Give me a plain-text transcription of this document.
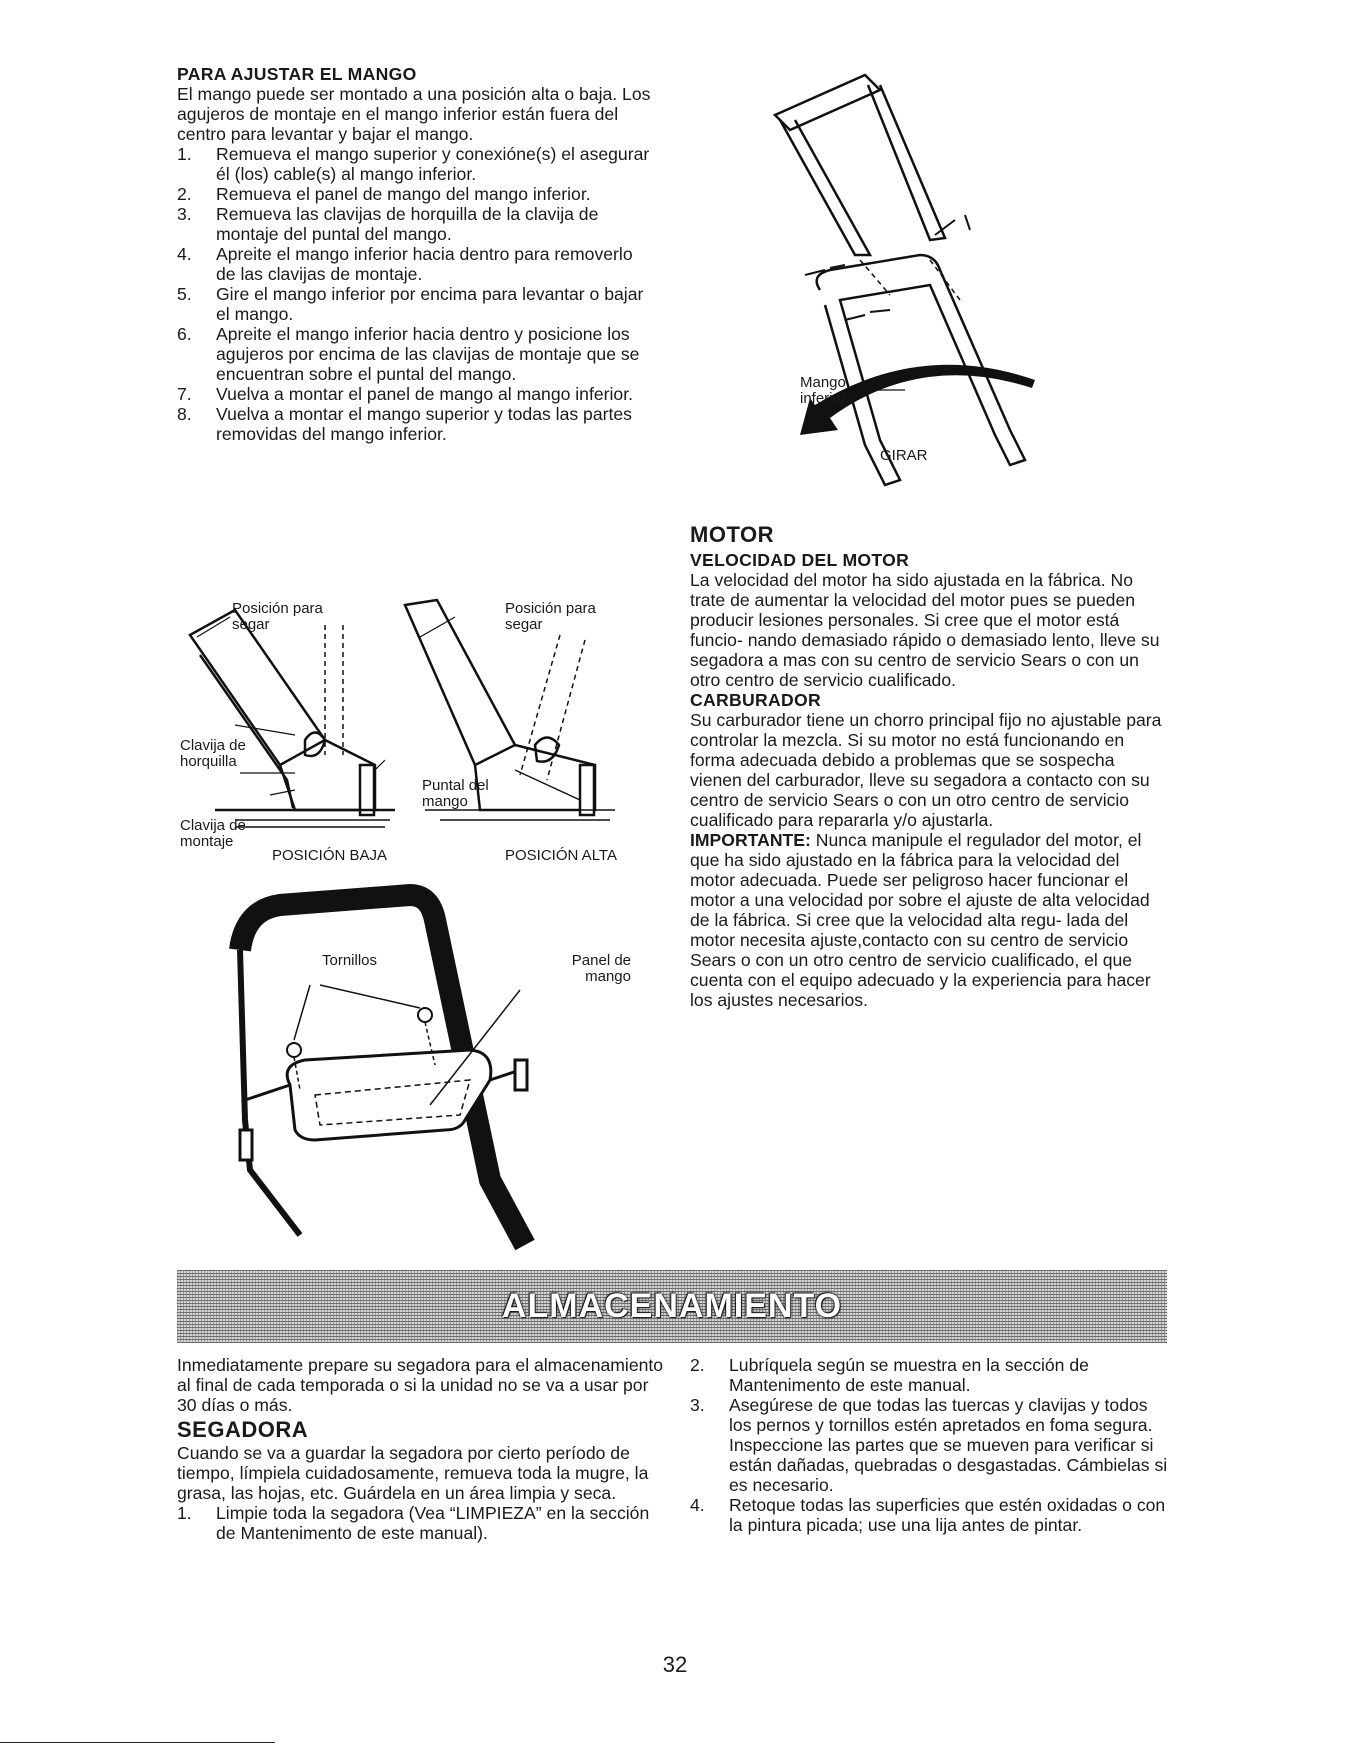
PARA AJUSTAR EL MANGO

El mango puede ser montado a una posición alta o baja. Los agujeros de montaje en el mango inferior están fuera del centro para levantar y bajar el mango.

1. Remueva el mango superior y conexióne(s) el asegurar él (los) cable(s) al mango inferior.
2. Remueva el panel de mango del mango inferior.
3. Remueva las clavijas de horquilla de la clavija de montaje del puntal del mango.
4. Apreite el mango inferior hacia dentro para removerlo de las clavijas de montaje.
5. Gire el mango inferior por encima para levantar o bajar el mango.
6. Apreite el mango inferior hacia dentro y posicione los agujeros por encima de las clavijas de montaje que se encuentran sobre el puntal del mango.
7. Vuelva a montar el panel de mango al mango inferior.
8. Vuelva a montar el mango superior y todas las partes removidas del mango inferior.
Posición para segar
Posición para segar
Clavija de horquilla
Clavija de montaje
Puntal del mango
POSICIÓN BAJA	POSICIÓN ALTA
Tornillos	Panel de mango
Mango inferior
GIRAR
MOTOR
VELOCIDAD DEL MOTOR

La velocidad del motor ha sido ajustada en la fábrica. No trate de aumentar la velocidad del motor pues se pueden producir lesiones personales. Si cree que el motor está funcio- nando demasiado rápido o demasiado lento, lleve su segadora a mas con su centro de servicio Sears o con un otro centro de servicio cualificado.

CARBURADOR

Su carburador tiene un chorro principal fijo no ajustable para controlar la mezcla. Si su motor no está funcionando en forma adecuada debido a problemas que se sospecha vienen del carburador, lleve su segadora a contacto con su centro de servicio Sears o con un otro centro de servicio cualificado para repararla y/o ajustarla.

IMPORTANTE: Nunca manipule el regulador del motor, el que ha sido ajustado en la fábrica para la velocidad del motor adecuada. Puede ser peligroso hacer funcionar el motor a una velocidad por sobre el ajuste de alta velocidad de la fábrica. Si cree que la velocidad alta regu- lada del motor necesita ajuste,contacto con su centro de servicio Sears o con un otro centro de servicio cualificado, el que cuenta con el equipo adecuado y la experiencia para hacer los ajustes necesarios.

ALMACENAMIENTO

Inmediatamente prepare su segadora para el almacenamiento al final de cada temporada o si la unidad no se va a usar por 30 días o más.

SEGADORA

Cuando se va a guardar la segadora por cierto período de tiempo, límpiela cuidadosamente, remueva toda la mugre, la grasa, las hojas, etc. Guárdela en un área limpia y seca.

1. Limpie toda la segadora (Vea “LIMPIEZA” en la sección de Mantenimento de este manual).
2. Lubríquela según se muestra en la sección de Mantenimento de este manual.
3. Asegúrese de que todas las tuercas y clavijas y todos los pernos y tornillos estén apretados en foma segura. Inspeccione las partes que se mueven para verificar si están dañadas, quebradas o desgastadas. Cámbielas si es necesario.
4. Retoque todas las superficies que estén oxidadas o con la pintura picada; use una lija antes de pintar.
32
